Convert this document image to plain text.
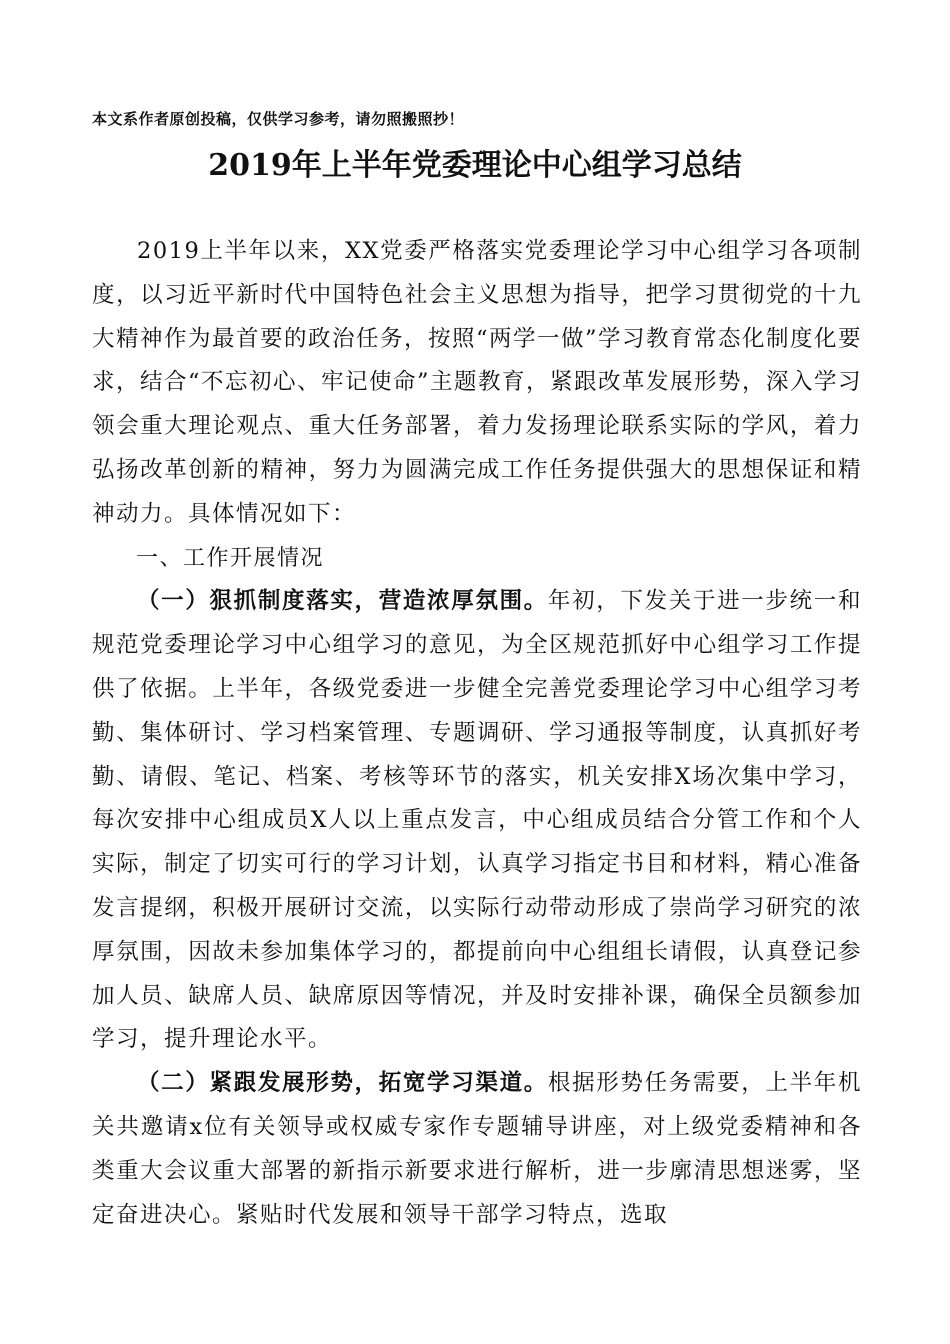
本文系作者原创投稿，仅供学习参考，请勿照搬照抄！
2019年上半年党委理论中心组学习总结

2019上半年以来，XX党委严格落实党委理论学习中心组学习各项制度，以习近平新时代中国特色社会主义思想为指导，把学习贯彻党的十九大精神作为最首要的政治任务，按照“两学一做”学习教育常态化制度化要求，结合“不忘初心、牢记使命”主题教育，紧跟改革发展形势，深入学习领会重大理论观点、重大任务部署，着力发扬理论联系实际的学风，着力弘扬改革创新的精神，努力为圆满完成工作任务提供强大的思想保证和精神动力。具体情况如下：

一、工作开展情况

（一）狠抓制度落实，营造浓厚氛围。年初，下发关于进一步统一和规范党委理论学习中心组学习的意见，为全区规范抓好中心组学习工作提供了依据。上半年，各级党委进一步健全完善党委理论学习中心组学习考勤、集体研讨、学习档案管理、专题调研、学习通报等制度，认真抓好考勤、请假、笔记、档案、考核等环节的落实，机关安排X场次集中学习，每次安排中心组成员X人以上重点发言，中心组成员结合分管工作和个人实际，制定了切实可行的学习计划，认真学习指定书目和材料，精心准备发言提纲，积极开展研讨交流，以实际行动带动形成了崇尚学习研究的浓厚氛围，因故未参加集体学习的，都提前向中心组组长请假，认真登记参加人员、缺席人员、缺席原因等情况，并及时安排补课，确保全员额参加学习，提升理论水平。

（二）紧跟发展形势，拓宽学习渠道。根据形势任务需要，上半年机关共邀请x位有关领导或权威专家作专题辅导讲座，对上级党委精神和各类重大会议重大部署的新指示新要求进行解析，进一步廓清思想迷雾，坚定奋进决心。紧贴时代发展和领导干部学习特点，选取
